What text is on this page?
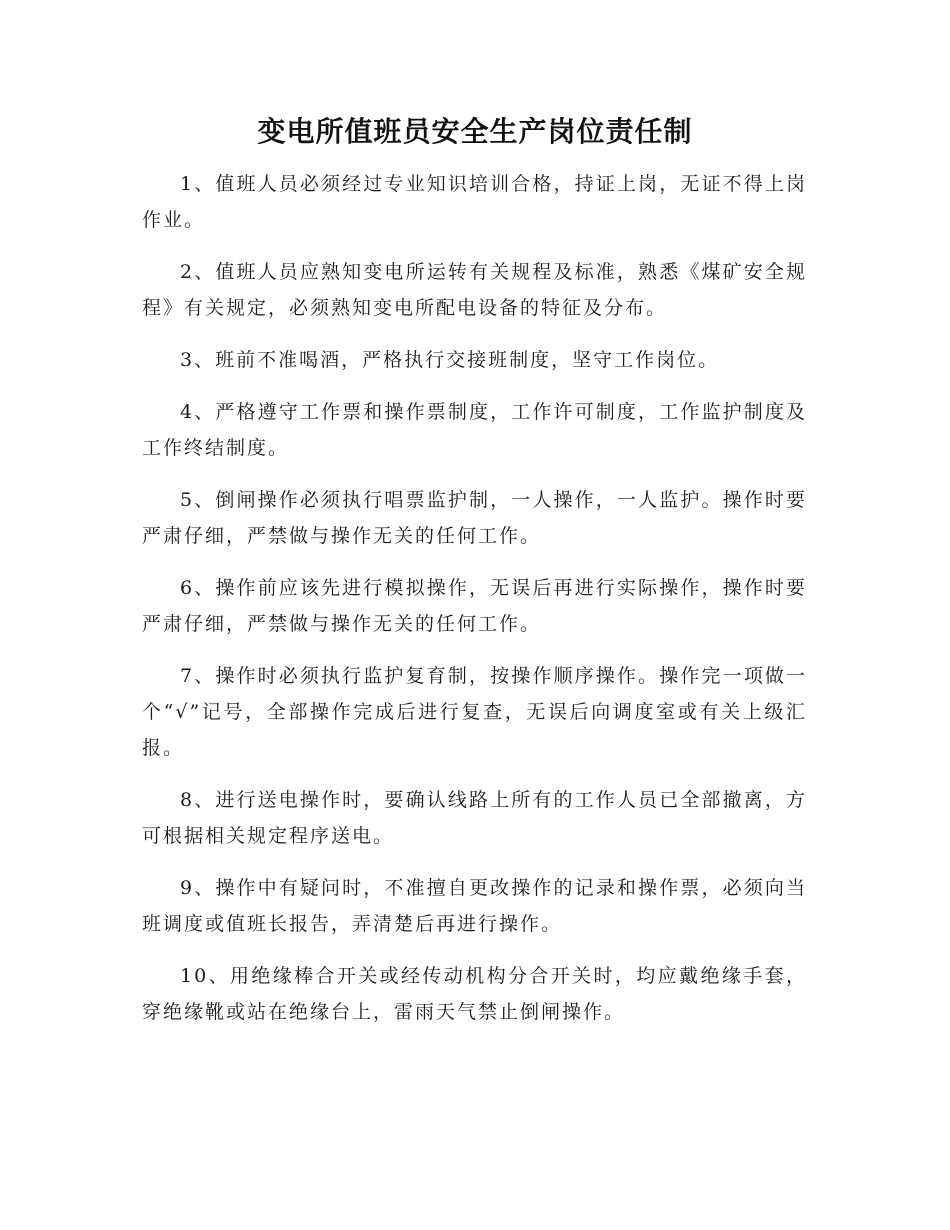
变电所值班员安全生产岗位责任制

1、值班人员必须经过专业知识培训合格，持证上岗，无证不得上岗作业。

2、值班人员应熟知变电所运转有关规程及标准，熟悉《煤矿安全规程》有关规定，必须熟知变电所配电设备的特征及分布。

3、班前不准喝酒，严格执行交接班制度，坚守工作岗位。

4、严格遵守工作票和操作票制度，工作许可制度，工作监护制度及工作终结制度。

5、倒闸操作必须执行唱票监护制，一人操作，一人监护。操作时要严肃仔细，严禁做与操作无关的任何工作。

6、操作前应该先进行模拟操作，无误后再进行实际操作，操作时要严肃仔细，严禁做与操作无关的任何工作。

7、操作时必须执行监护复育制，按操作顺序操作。操作完一项做一个“√”记号，全部操作完成后进行复查，无误后向调度室或有关上级汇报。

8、进行送电操作时，要确认线路上所有的工作人员已全部撤离，方可根据相关规定程序送电。

9、操作中有疑问时，不准擅自更改操作的记录和操作票，必须向当班调度或值班长报告，弄清楚后再进行操作。

10、用绝缘棒合开关或经传动机构分合开关时，均应戴绝缘手套，穿绝缘靴或站在绝缘台上，雷雨天气禁止倒闸操作。
